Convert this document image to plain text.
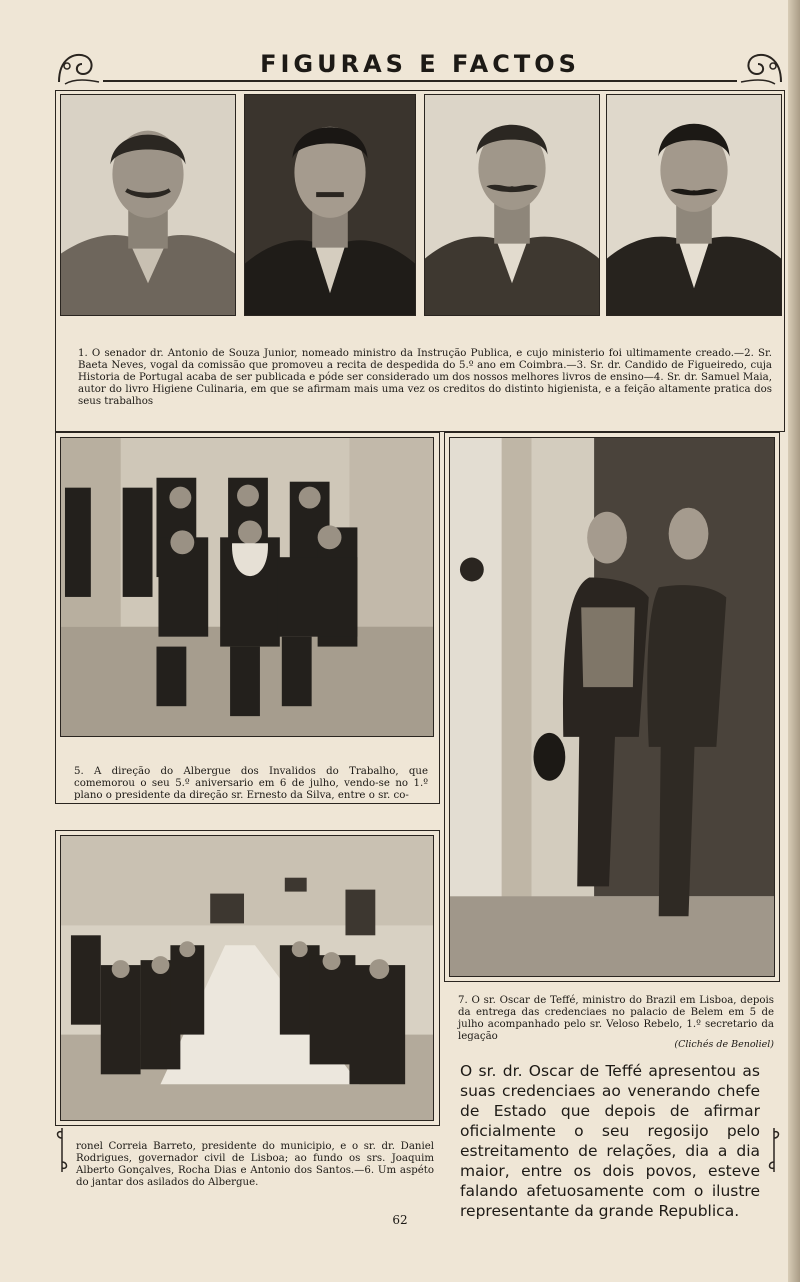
FIGURAS E FACTOS
1. O senador dr. Antonio de Souza Junior, nomeado ministro da Instrução Publica, e cujo ministerio foi ultimamente creado.—2. Sr. Baeta Neves, vogal da comissão que promoveu a recita de despedida do 5.º ano em Coimbra.—3. Sr. dr. Candido de Figueiredo, cuja Historia de Portugal acaba de ser publicada e póde ser considerado um dos nossos melhores livros de ensino—4. Sr. dr. Samuel Maia, autor do livro Higiene Culinaria, em que se afirmam mais uma vez os creditos do distinto higienista, e a feição altamente pratica dos seus trabalhos
5. A direção do Albergue dos Invalidos do Trabalho, que comemorou o seu 5.º aniversario em 6 de julho, vendo-se no 1.º plano o presidente da direção sr. Ernesto da Silva, entre o sr. co-
7. O sr. Oscar de Teffé, ministro do Brazil em Lisboa, depois da entrega das credenciaes no palacio de Belem em 5 de julho acompanhado pelo sr. Veloso Rebelo, 1.º secretario da legação
(Clichés de Benoliel)
O sr. dr. Oscar de Teffé apresentou as suas credenciaes ao venerando chefe de Estado que depois de afirmar oficialmente o seu regosijo pelo estreitamento de relações, dia a dia maior, entre os dois povos, esteve falando afetuosamente com o ilustre representante da grande Republica.
ronel Correia Barreto, presidente do municipio, e o sr. dr. Daniel Rodrigues, governador civil de Lisboa; ao fundo os srs. Joaquim Alberto Gonçalves, Rocha Dias e Antonio dos Santos.—6. Um aspéto do jantar dos asilados do Albergue.
62
